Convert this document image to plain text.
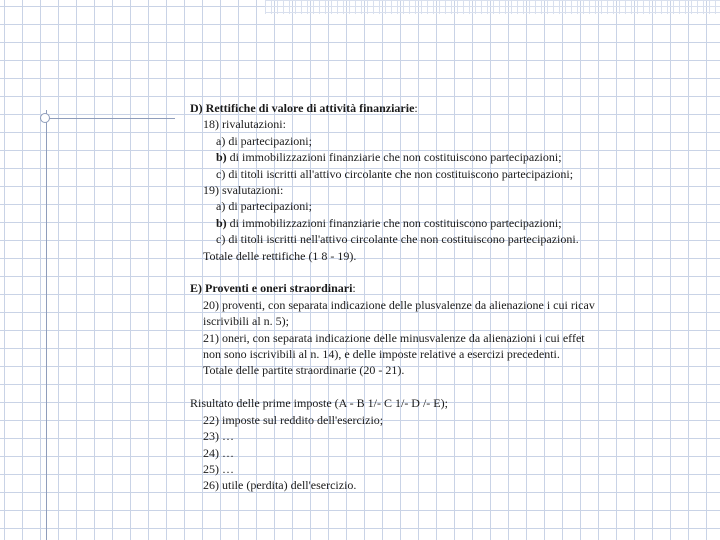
D) Rettifiche di valore di attività finanziarie:
18) rivalutazioni:
a) di partecipazioni;
b) di immobilizzazioni finanziarie che non costituiscono partecipazioni;
c) di titoli iscritti all'attivo circolante che non costituiscono partecipazioni;
19) svalutazioni:
a) di partecipazioni;
b) di immobilizzazioni finanziarie che non costituiscono partecipazioni;
c) di titoli iscritti nell'attivo circolante che non costituiscono partecipazioni.
Totale delle rettifiche (1 8 - 19).
E) Proventi e oneri straordinari:
20) proventi, con separata indicazione delle plusvalenze da alienazione i cui ricav
iscrivibili al n. 5);
21) oneri, con separata indicazione delle minusvalenze da alienazioni i cui effet
non sono iscrivibili al n. 14), e delle imposte relative a esercizi precedenti.
Totale delle partite straordinarie (20 - 21).
Risultato delle prime imposte (A - B 1/- C 1/- D /- E);
22) imposte sul reddito dell'esercizio;
23) …
24) …
25) …
26) utile (perdita) dell'esercizio.
